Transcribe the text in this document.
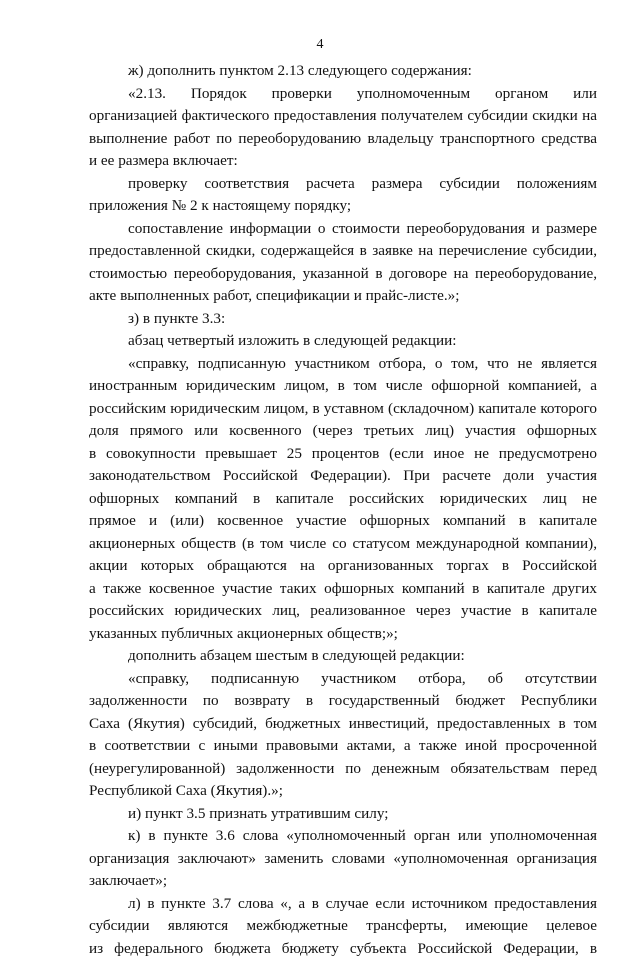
4
ж) дополнить пунктом 2.13 следующего содержания:
«2.13. Порядок проверки уполномоченным органом или
организацией фактического предоставления получателем субсидии скидки на
выполнение работ по переоборудованию владельцу транспортного средства
и ее размера включает:
проверку соответствия расчета размера субсидии положениям
приложения № 2 к настоящему порядку;
сопоставление информации о стоимости переоборудования и размере
предоставленной скидки, содержащейся в заявке на перечисление субсидии,
стоимостью переоборудования, указанной в договоре на переоборудование,
акте выполненных работ, спецификации и прайс-листе.»;
з) в пункте 3.3:
абзац четвертый изложить в следующей редакции:
«справку, подписанную участником отбора, о том, что не является
иностранным юридическим лицом, в том числе офшорной компанией, а
российским юридическим лицом, в уставном (складочном) капитале которого
доля прямого или косвенного (через третьих лиц) участия офшорных
в совокупности превышает 25 процентов (если иное не предусмотрено
законодательством Российской Федерации). При расчете доли участия
офшорных компаний в капитале российских юридических лиц не
прямое и (или) косвенное участие офшорных компаний в капитале
акционерных обществ (в том числе со статусом международной компании),
акции которых обращаются на организованных торгах в Российской
а также косвенное участие таких офшорных компаний в капитале других
российских юридических лиц, реализованное через участие в капитале
указанных публичных акционерных обществ;»;
дополнить абзацем шестым в следующей редакции:
«справку, подписанную участником отбора, об отсутствии
задолженности по возврату в государственный бюджет Республики
Саха (Якутия) субсидий, бюджетных инвестиций, предоставленных в том
в соответствии с иными правовыми актами, а также иной просроченной
(неурегулированной) задолженности по денежным обязательствам перед
Республикой Саха (Якутия).»;
и) пункт 3.5 признать утратившим силу;
к) в пункте 3.6 слова «уполномоченный орган или уполномоченная
организация заключают» заменить словами «уполномоченная организация
заключает»;
л) в пункте 3.7 слова «, а в случае если источником предоставления
субсидии являются межбюджетные трансферты, имеющие целевое
из федерального бюджета бюджету субъекта Российской Федерации, в
